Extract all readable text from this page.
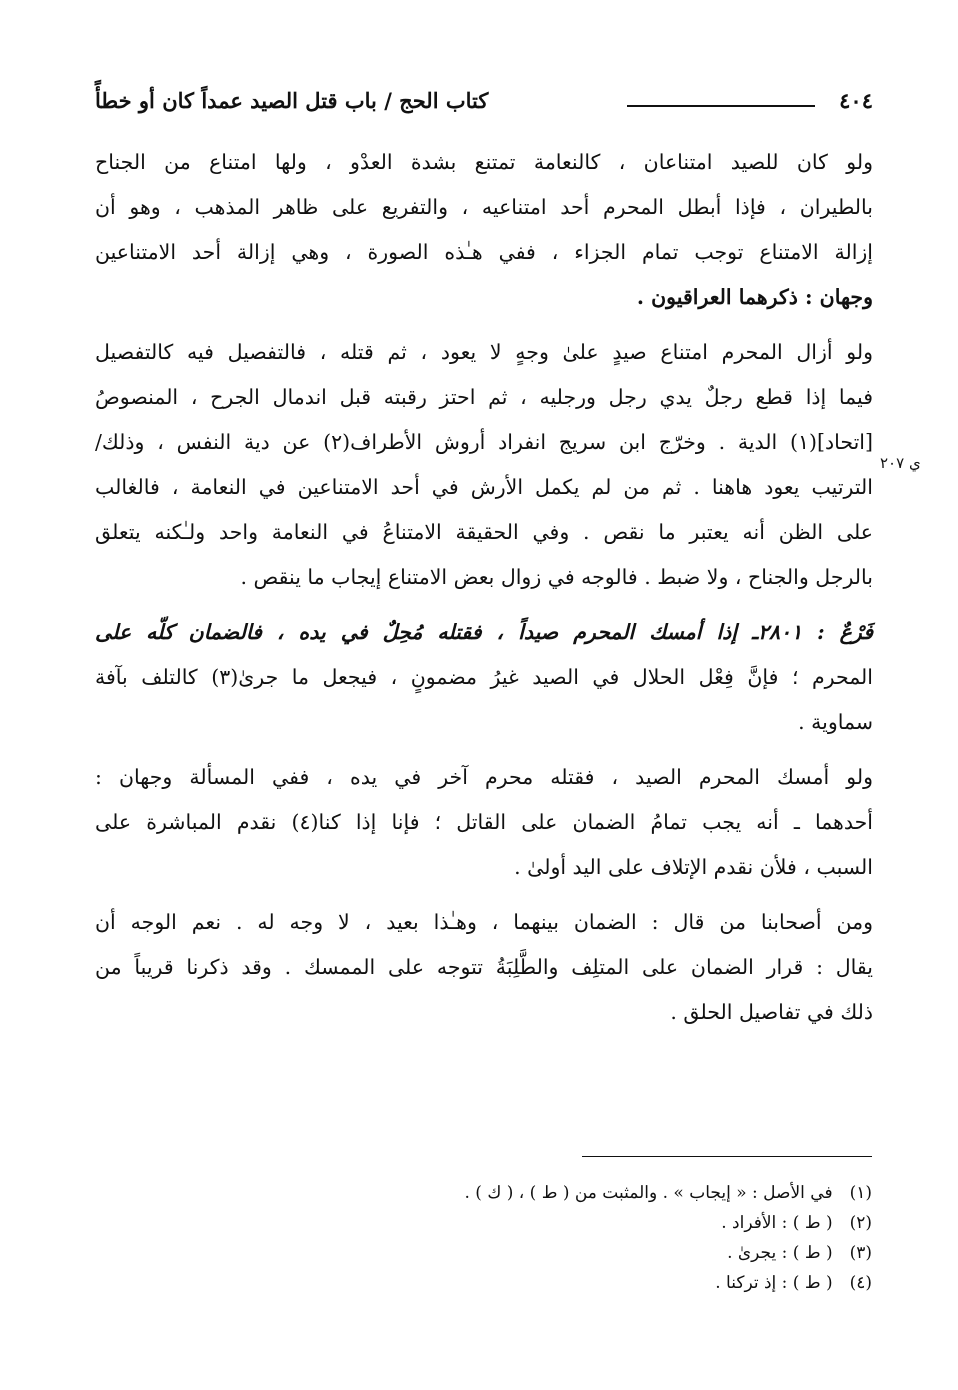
٤٠٤
كتاب الحج / باب قتل الصيد عمداً كان أو خطأً
ي ٢٠٧

ولو كان للصيد امتناعان ، كالنعامة تمتنع بشدة العدْو ، ولها امتناع من الجناح
بالطيران ، فإذا أبطل المحرم أحد امتناعيه ، والتفريع على ظاهر المذهب ، وهو أن
إزالة الامتناع توجب تمام الجزاء ، ففي هـٰذه الصورة ، وهي إزالة أحد الامتناعين
وجهان : ذكرهما العراقيون .

ولو أزال المحرم امتناع صيدٍ علىٰ وجهٍ لا يعود ، ثم قتله ، فالتفصيل فيه كالتفصيل
فيما إذا قطع رجلٌ يدي رجل ورجليه ، ثم احتز رقبته قبل اندمال الجرح ، المنصوصُ
[اتحاد](١) الدية . وخرّج ابن سريج انفراد أروش الأطراف(٢) عن دية النفس ، وذلك/
الترتيب يعود هاهنا . ثم من لم يكمل الأرش في أحد الامتناعين في النعامة ، فالغالب
على الظن أنه يعتبر ما نقص . وفي الحقيقة الامتناعُ في النعامة واحد ولـٰكنه يتعلق
بالرجل والجناح ، ولا ضبط . فالوجه في زوال بعض الامتناع إيجاب ما ينقص .

فَرْعٌ : ٢٨٠١ـ إذا أمسك المحرم صيداً ، فقتله مُحِلٌ في يده ، فالضمان كلّه على
المحرم ؛ فإنَّ فِعْل الحلال في الصيد غيرُ مضمونٍ ، فيجعل ما جرىٰ(٣) كالتلف بآفة
سماوية .

ولو أمسك المحرم الصيد ، فقتله محرم آخر في يده ، ففي المسألة وجهان :
أحدهما ـ أنه يجب تمامُ الضمان على القاتل ؛ فإنا إذا كنا(٤) نقدم المباشرة على
السبب ، فلأن نقدم الإتلاف على اليد أولىٰ .

ومن أصحابنا من قال : الضمان بينهما ، وهـٰذا بعيد ، لا وجه له . نعم الوجه أن
يقال : قرار الضمان على المتلِف والطَّلِبَةُ تتوجه على الممسك . وقد ذكرنا قريباً من
ذلك في تفاصيل الحلق .

(١) في الأصل : « إيجاب » . والمثبت من ( ط ) ، ( ك ) .
(٢) ( ط ) : الأفراد .
(٣) ( ط ) : يجرىٰ .
(٤) ( ط ) : إذ تركنا .
